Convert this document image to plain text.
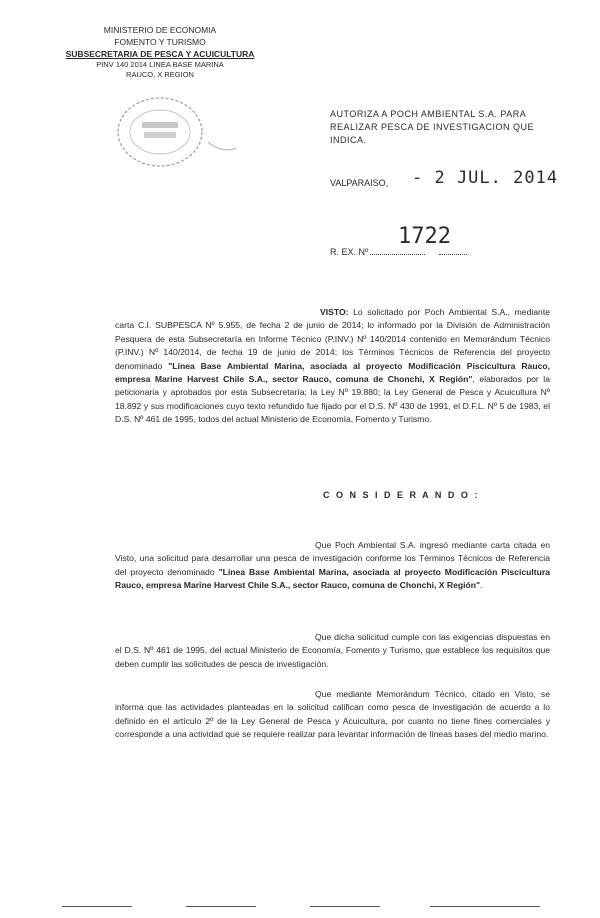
MINISTERIO DE ECONOMIA
FOMENTO Y TURISMO
SUBSECRETARIA DE PESCA Y ACUICULTURA
PINV 140 2014 LINEA BASE MARINA
RAUCO, X REGION
AUTORIZA A POCH AMBIENTAL S.A. PARA
REALIZAR PESCA DE INVESTIGACION QUE INDICA.
VALPARAISO, - 2 JUL. 2014
1722
R. EX. Nº
VISTO: Lo solicitado por Poch Ambiental S.A., mediante carta C.I. SUBPESCA Nº 5.955, de fecha 2 de junio de 2014; lo informado por la División de Administración Pesquera de esta Subsecretaría en Informe Técnico (P.INV.) Nº 140/2014 contenido en Memorándum Técnico (P.INV.) Nº 140/2014, de fecha 19 de junio de 2014; los Términos Técnicos de Referencia del proyecto denominado "Línea Base Ambiental Marina, asociada al proyecto Modificación Piscicultura Rauco, empresa Marine Harvest Chile S.A., sector Rauco, comuna de Chonchi, X Región", elaborados por la peticionaria y aprobados por esta Subsecretaría; la Ley Nº 19.880; la Ley General de Pesca y Acuicultura Nº 18.892 y sus modificaciones cuyo texto refundido fue fijado por el D.S. Nº 430 de 1991, el D.F.L. Nº 5 de 1983, el D.S. Nº 461 de 1995, todos del actual Ministerio de Economía, Fomento y Turismo.
C O N S I D E R A N D O :
Que Poch Ambiental S.A. ingresó mediante carta citada en Visto, una solicitud para desarrollar una pesca de investigación conforme los Términos Técnicos de Referencia del proyecto denominado "Línea Base Ambiental Marina, asociada al proyecto Modificación Piscicultura Rauco, empresa Marine Harvest Chile S.A., sector Rauco, comuna de Chonchi, X Región".
Que dicha solicitud cumple con las exigencias dispuestas en el D.S. Nº 461 de 1995, del actual Ministerio de Economía, Fomento y Turismo, que establece los requisitos que deben cumplir las solicitudes de pesca de investigación.
Que mediante Memorándum Técnico, citado en Visto, se informa que las actividades planteadas en la solicitud califican como pesca de investigación de acuerdo a lo definido en el artículo 2º de la Ley General de Pesca y Acuicultura, por cuanto no tiene fines comerciales y corresponde a una actividad que se requiere realizar para levantar información de líneas bases del medio marino.
